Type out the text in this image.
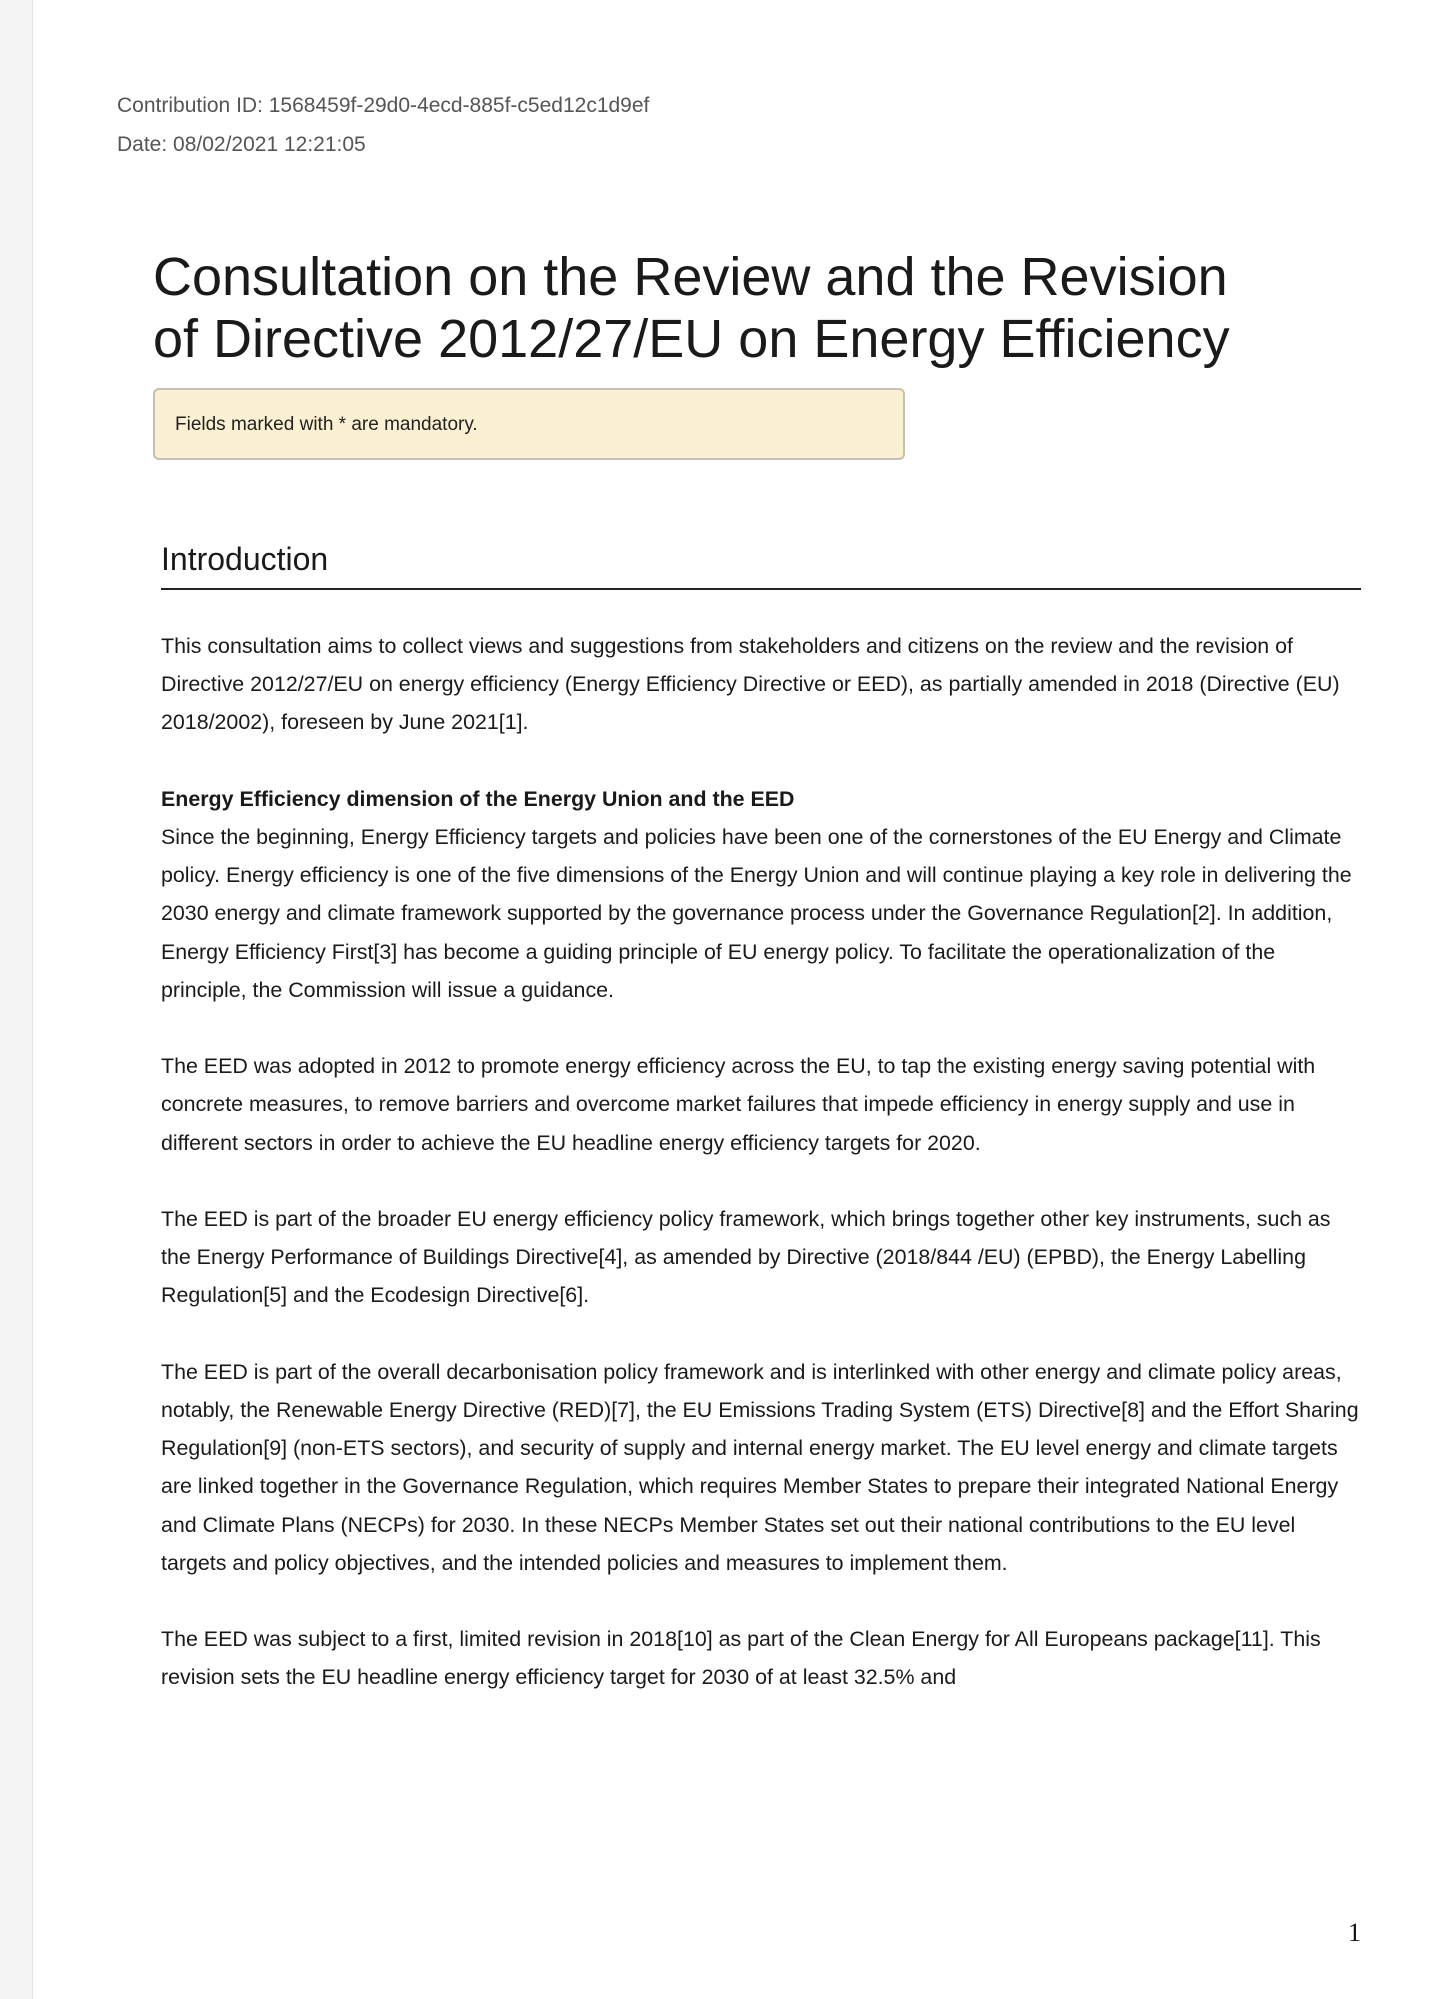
Contribution ID: 1568459f-29d0-4ecd-885f-c5ed12c1d9ef
Date: 08/02/2021 12:21:05
Consultation on the Review and the Revision
of Directive 2012/27/EU on Energy Efficiency
Fields marked with * are mandatory.
Introduction

This consultation aims to collect views and suggestions from stakeholders and citizens on the review and the revision of Directive 2012/27/EU on energy efficiency (Energy Efficiency Directive or EED), as partially amended in 2018 (Directive (EU) 2018/2002), foreseen by June 2021[1].

Energy Efficiency dimension of the Energy Union and the EED

Since the beginning, Energy Efficiency targets and policies have been one of the cornerstones of the EU Energy and Climate policy. Energy efficiency is one of the five dimensions of the Energy Union and will continue playing a key role in delivering the 2030 energy and climate framework supported by the governance process under the Governance Regulation[2]. In addition, Energy Efficiency First[3] has become a guiding principle of EU energy policy. To facilitate the operationalization of the principle, the Commission will issue a guidance.

The EED was adopted in 2012 to promote energy efficiency across the EU, to tap the existing energy saving potential with concrete measures, to remove barriers and overcome market failures that impede efficiency in energy supply and use in different sectors in order to achieve the EU headline energy efficiency targets for 2020.

The EED is part of the broader EU energy efficiency policy framework, which brings together other key instruments, such as the Energy Performance of Buildings Directive[4], as amended by Directive (2018/844 /EU) (EPBD), the Energy Labelling Regulation[5] and the Ecodesign Directive[6].

The EED is part of the overall decarbonisation policy framework and is interlinked with other energy and climate policy areas, notably, the Renewable Energy Directive (RED)[7], the EU Emissions Trading System (ETS) Directive[8] and the Effort Sharing Regulation[9] (non-ETS sectors), and security of supply and internal energy market. The EU level energy and climate targets are linked together in the Governance Regulation, which requires Member States to prepare their integrated National Energy and Climate Plans (NECPs) for 2030. In these NECPs Member States set out their national contributions to the EU level targets and policy objectives, and the intended policies and measures to implement them.

The EED was subject to a first, limited revision in 2018[10] as part of the Clean Energy for All Europeans package[11]. This revision sets the EU headline energy efficiency target for 2030 of at least 32.5% and

1
